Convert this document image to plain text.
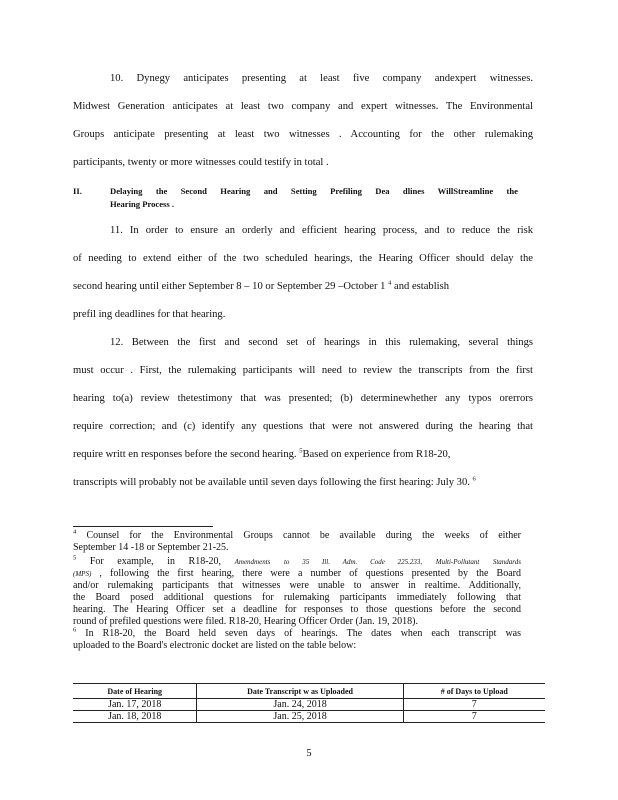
10. Dynegy anticipates presenting at least five company andexpert witnesses.
Midwest Generation anticipates at least two company and expert witnesses. The Environmental
Groups anticipate presenting at least two witnesses . Accounting for the other rulemaking
participants, twenty or more witnesses could testify in total .
II.	Delaying the Second Hearing and Setting Prefiling Dea dlines WillStreamline the
Hearing Process .
11. In order to ensure an orderly and efficient hearing process, and to reduce the risk
of needing to extend either of the two scheduled hearings, the Hearing Officer should delay the
second hearing until either September 8 – 10 or September 29 –October 1 $^4$ and establish
prefil ing deadlines for that hearing.
12. Between the first and second set of hearings in this rulemaking, several things
must occur . First, the rulemaking participants will need to review the transcripts from the first
hearing to(a) review thetestimony that was presented; (b) determinewhether any typos orerrors
require correction; and (c) identify any questions that were not answered during the hearing that
require writt en responses before the second hearing. $^5$Based on experience from R18-20,
transcripts will probably not be available until seven days following the first hearing: July 30. $^6$
$^4$ Counsel for the Environmental Groups cannot be available during the weeks of either
September 14 -18 or September 21-25.
$^5$ For example, in R18-20, Amendments to 35 Ill. Adm. Code 225.233, Multi-Pollutant Standards
(MPS) , following the first hearing, there were a number of questions presented by the Board
and/or rulemaking participants that witnesses were unable to answer in realtime. Additionally,
the Board posed additional questions for rulemaking participants immediately following that
hearing. The Hearing Officer set a deadline for responses to those questions before the second
round of prefiled questions were filed. R18-20, Hearing Officer Order (Jan. 19, 2018).
$^6$ In R18-20, the Board held seven days of hearings. The dates when each transcript was
uploaded to the Board's electronic docket are listed on the table below:
Date of Hearing	Date Transcript w as Uploaded	# of Days to Upload
Jan. 17, 2018	Jan. 24, 2018	7
Jan. 18, 2018	Jan. 25, 2018	7
5
